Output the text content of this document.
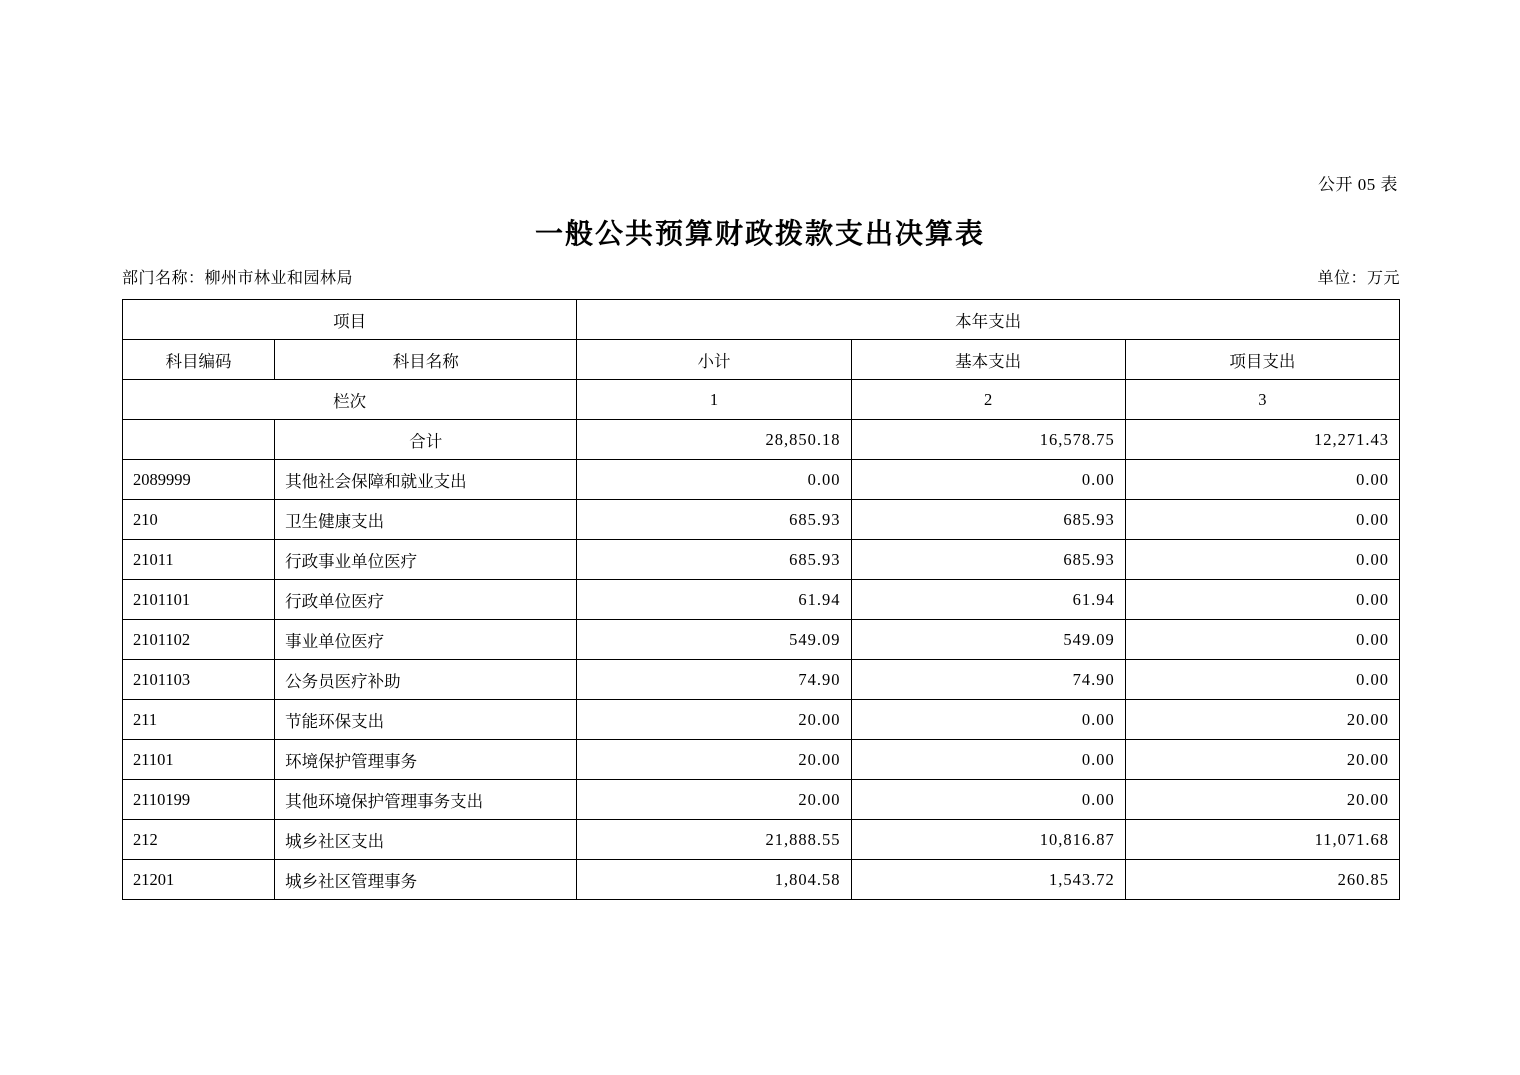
公开 05 表
一般公共预算财政拨款支出决算表
部门名称：柳州市林业和园林局	单位：万元
项目		本年支出		
科目编码	科目名称	小计	基本支出	项目支出
栏次		1	2	3
	合计	28,850.18	16,578.75	12,271.43
2089999	其他社会保障和就业支出	0.00	0.00	0.00
210	卫生健康支出	685.93	685.93	0.00
21011	行政事业单位医疗	685.93	685.93	0.00
2101101	行政单位医疗	61.94	61.94	0.00
2101102	事业单位医疗	549.09	549.09	0.00
2101103	公务员医疗补助	74.90	74.90	0.00
211	节能环保支出	20.00	0.00	20.00
21101	环境保护管理事务	20.00	0.00	20.00
2110199	其他环境保护管理事务支出	20.00	0.00	20.00
212	城乡社区支出	21,888.55	10,816.87	11,071.68
21201	城乡社区管理事务	1,804.58	1,543.72	260.85
